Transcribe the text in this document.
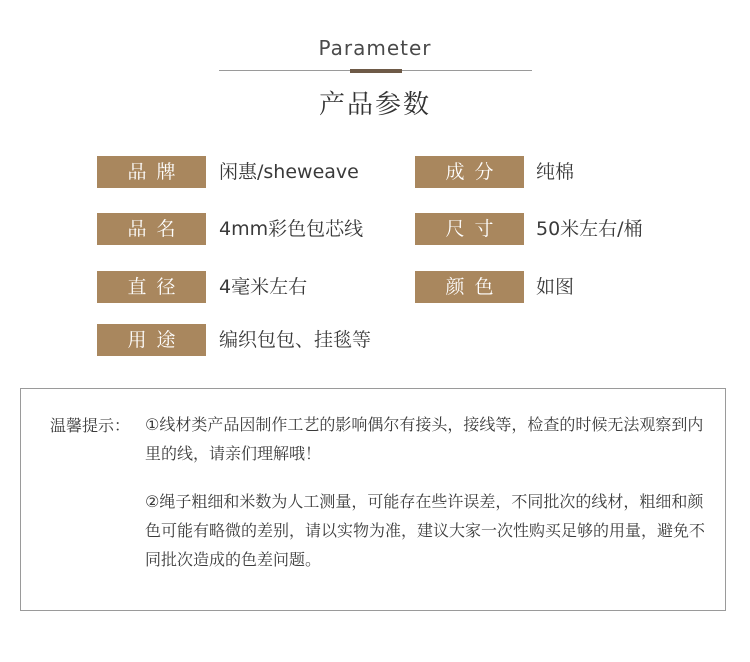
Parameter
产品参数
品牌	闲惠/sheweave	成分	纯棉
品名	4mm彩色包芯线	尺寸	50米左右/桶
直径	4毫米左右	颜色	如图
用途	编织包包、挂毯等
温馨提示： ①线材类产品因制作工艺的影响偶尔有接头，接线等，检查的时候无法观察到内里的线，请亲们理解哦！
②绳子粗细和米数为人工测量，可能存在些许误差，不同批次的线材，粗细和颜色可能有略微的差别，请以实物为准，建议大家一次性购买足够的用量，避免不同批次造成的色差问题。
